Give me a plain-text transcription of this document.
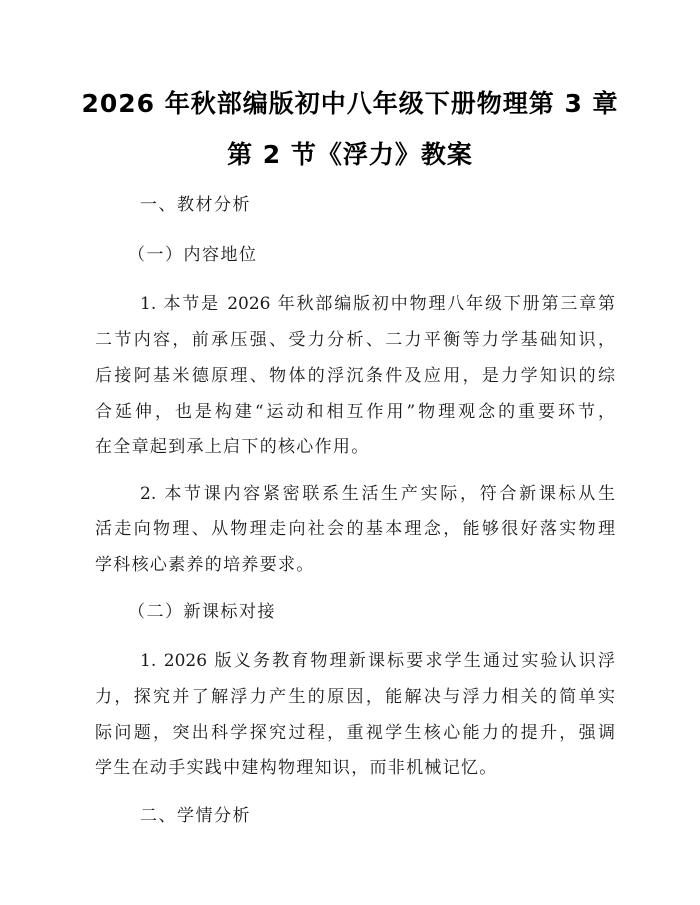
2026 年秋部编版初中八年级下册物理第 3 章
第 2 节《浮力》教案
一、教材分析
（一）内容地位
1. 本节是 2026 年秋部编版初中物理八年级下册第三章第
二节内容，前承压强、受力分析、二力平衡等力学基础知识，
后接阿基米德原理、物体的浮沉条件及应用，是力学知识的综
合延伸，也是构建“运动和相互作用”物理观念的重要环节，
在全章起到承上启下的核心作用。
2. 本节课内容紧密联系生活生产实际，符合新课标从生
活走向物理、从物理走向社会的基本理念，能够很好落实物理
学科核心素养的培养要求。
（二）新课标对接
1. 2026 版义务教育物理新课标要求学生通过实验认识浮
力，探究并了解浮力产生的原因，能解决与浮力相关的简单实
际问题，突出科学探究过程，重视学生核心能力的提升，强调
学生在动手实践中建构物理知识，而非机械记忆。
二、学情分析
